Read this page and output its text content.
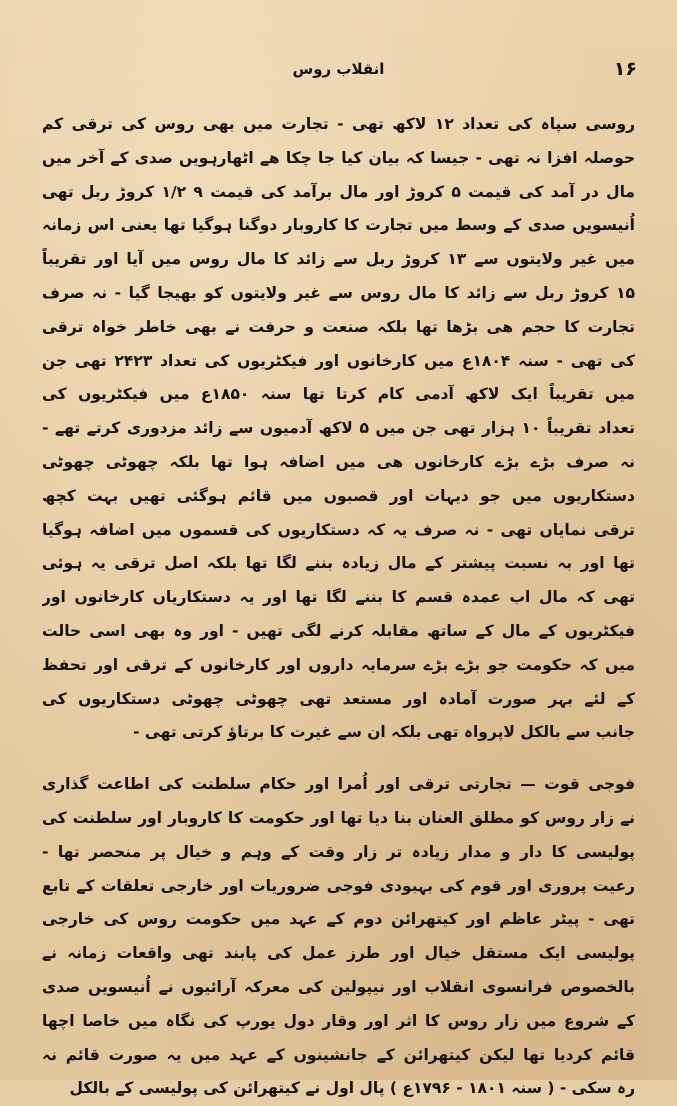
انقلاب روس	۱۶
روسی سپاہ کی تعداد ۱۲ لاکھ تھی - تجارت میں بھی روس کی ترقی کم
حوصلہ افزا نہ تھی - جیسا کہ بیان کیا جا چکا ھے اٹھارہویں صدی کے آخر میں
مال در آمد کی قیمت ۵ کروڑ اور مال برآمد کی قیمت ۹ ۱/۲ کروڑ ربل تھی
اُنیسویں صدی کے وسط میں تجارت کا کاروبار دوگنا ہوگیا تھا یعنی اس زمانہ
میں غیر ولایتوں سے ۱۳ کروڑ ربل سے زائد کا مال روس میں آیا اور تقریباً
۱۵ کروڑ ربل سے زائد کا مال روس سے غیر ولایتوں کو بھیجا گیا - نہ صرف
تجارت کا حجم ھی بڑھا تھا بلکہ صنعت و حرفت نے بھی خاطر خواہ ترقی
کی تھی - سنہ ۱۸۰۴ع میں کارخانوں اور فیکٹریوں کی تعداد ۲۴۲۳ تھی جن
میں تقریباً ایک لاکھ آدمی کام کرتا تھا سنہ ۱۸۵۰ع میں فیکٹریوں کی
تعداد تقریباً ۱۰ ہزار تھی جن میں ۵ لاکھ آدمیوں سے زائد مزدوری کرتے تھے -
نہ صرف بڑے بڑے کارخانوں ھی میں اضافہ ہوا تھا بلکہ چھوٹی چھوٹی
دستکاریوں میں جو دیہات اور قصبوں میں قائم ہوگئی تھیں بہت کچھ
ترقی نمایاں تھی - نہ صرف یہ کہ دستکاریوں کی قسموں میں اضافہ ہوگیا
تھا اور بہ نسبت پیشتر کے مال زیادہ بننے لگا تھا بلکہ اصل ترقی یہ ہوئی
تھی کہ مال اب عمدہ قسم کا بننے لگا تھا اور یہ دستکاریاں کارخانوں اور
فیکٹریوں کے مال کے ساتھ مقابلہ کرنے لگی تھیں - اور وہ بھی اسی حالت
میں کہ حکومت جو بڑے بڑے سرمایہ داروں اور کارخانوں کے ترقی اور تحفظ
کے لئے بہر صورت آمادہ اور مستعد تھی چھوٹی چھوٹی دستکاریوں کی
جانب سے بالکل لاپرواہ تھی بلکہ ان سے غیرت کا برتاؤ کرتی تھی -
فوجی قوت — تجارتی ترقی اور اُمرا اور حکام سلطنت کی اطاعت گذاری
نے زار روس کو مطلق العنان بنا دیا تھا اور حکومت کا کاروبار اور سلطنت کی
پولیسی کا دار و مدار زیادہ تر زار وقت کے وہم و خیال پر منحصر تھا -
رعیت پروری اور قوم کی بہبودی فوجی ضروریات اور خارجی تعلقات کے تابع
تھی - پیٹر عاظم اور کیتھرائن دوم کے عہد میں حکومت روس کی خارجی
پولیسی ایک مستقل خیال اور طرز عمل کی پابند تھی واقعات زمانہ نے
بالخصوص فرانسوی انقلاب اور نیپولین کی معرکہ آرائیوں نے اُنیسویں صدی
کے شروع میں زار روس کا اثر اور وقار دول یورپ کی نگاہ میں خاصا اچھا
قائم کردیا تھا لیکن کیتھرائن کے جانشینوں کے عہد میں یہ صورت قائم نہ
رہ سکی - ( سنہ ۱۸۰۱ - ۱۷۹۶ع ) پال اول نے کیتھرائن کی پولیسی کے بالکل
